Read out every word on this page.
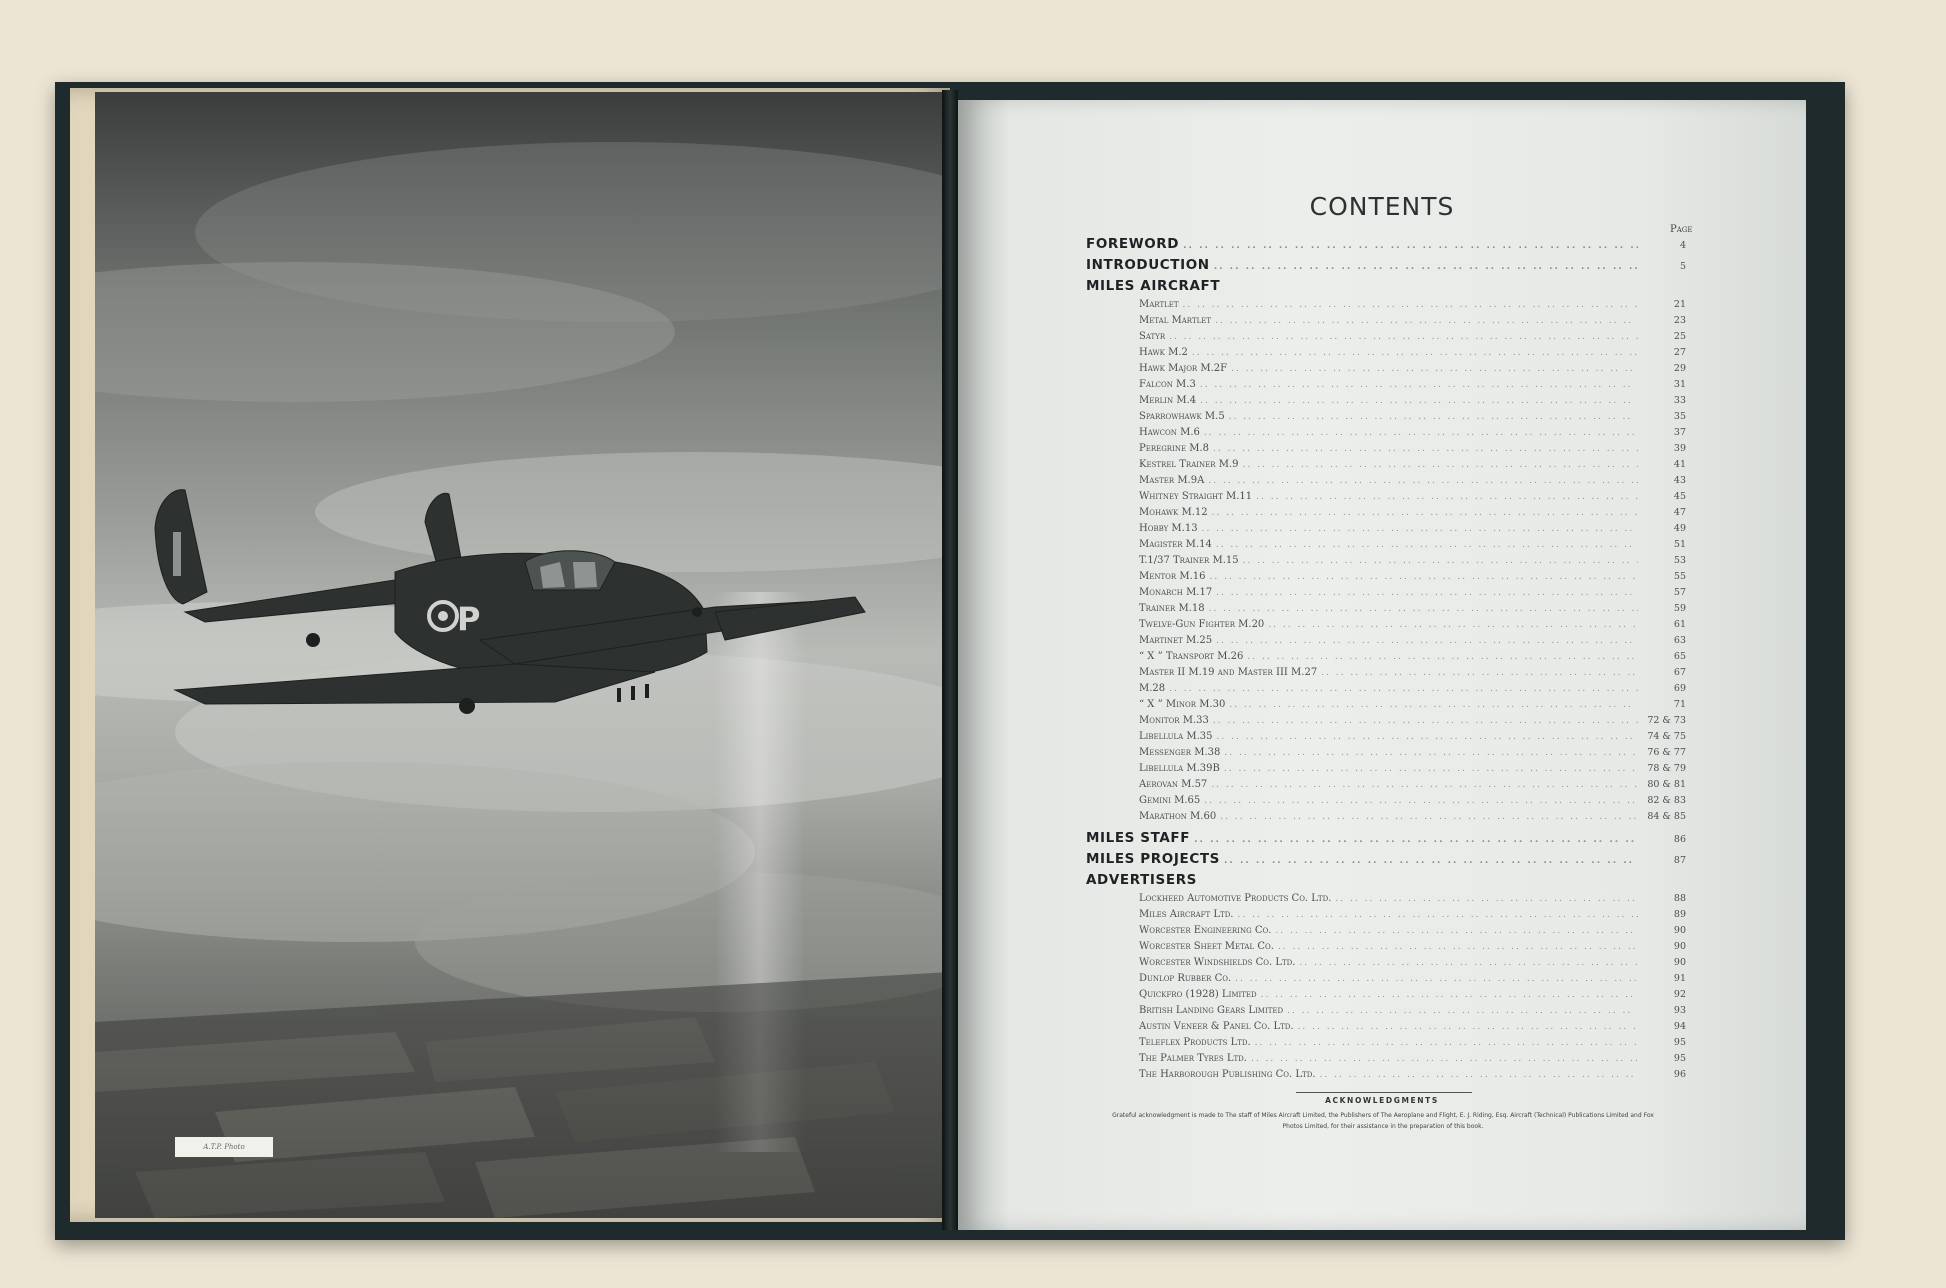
P
A.T.P. Photo
CONTENTS
Page
FOREWORD .. ..	4
INTRODUCTION .. ..	5
MILES AIRCRAFT
Martlet .. ..	21
Metal Martlet .. ..	23
Satyr .. ..	25
Hawk M.2 .. ..	27
Hawk Major M.2F .. ..	29
Falcon M.3 .. ..	31
Merlin M.4 .. ..	33
Sparrowhawk M.5 .. ..	35
Hawcon M.6 .. ..	37
Peregrine M.8 .. ..	39
Kestrel Trainer M.9 .. ..	41
Master M.9A .. ..	43
Whitney Straight M.11 .. ..	45
Mohawk M.12 .. ..	47
Hobby M.13 .. ..	49
Magister M.14 .. ..	51
T.1/37 Trainer M.15 .. ..	53
Mentor M.16 .. ..	55
Monarch M.17 .. ..	57
Trainer M.18 .. ..	59
Twelve-Gun Fighter M.20 .. ..	61
Martinet M.25 .. ..	63
“ X ” Transport M.26 .. ..	65
Master II M.19 and Master III M.27 .. ..	67
M.28 .. ..	69
“ X ” Minor M.30 .. ..	71
Monitor M.33 .. ..	72 & 73
Libellula M.35 .. ..	74 & 75
Messenger M.38 .. ..	76 & 77
Libellula M.39B .. ..	78 & 79
Aerovan M.57 .. ..	80 & 81
Gemini M.65 .. ..	82 & 83
Marathon M.60 .. ..	84 & 85
MILES STAFF .. ..	86
MILES PROJECTS .. ..	87
ADVERTISERS
Lockheed Automotive Products Co. Ltd. .. ..	88
Miles Aircraft Ltd. .. ..	89
Worcester Engineering Co. .. ..	90
Worcester Sheet Metal Co. .. ..	90
Worcester Windshields Co. Ltd. .. ..	90
Dunlop Rubber Co. .. ..	91
Quickfro (1928) Limited .. ..	92
British Landing Gears Limited .. ..	93
Austin Veneer & Panel Co. Ltd. .. ..	94
Teleflex Products Ltd. .. ..	95
The Palmer Tyres Ltd. .. ..	95
The Harborough Publishing Co. Ltd. .. ..	96
ACKNOWLEDGMENTS
Grateful acknowledgment is made to The staff of Miles Aircraft Limited, the Publishers of The Aeroplane and Flight, E. J. Riding, Esq. Aircraft (Technical) Publications Limited and Fox Photos Limited, for their assistance in the preparation of this book.
